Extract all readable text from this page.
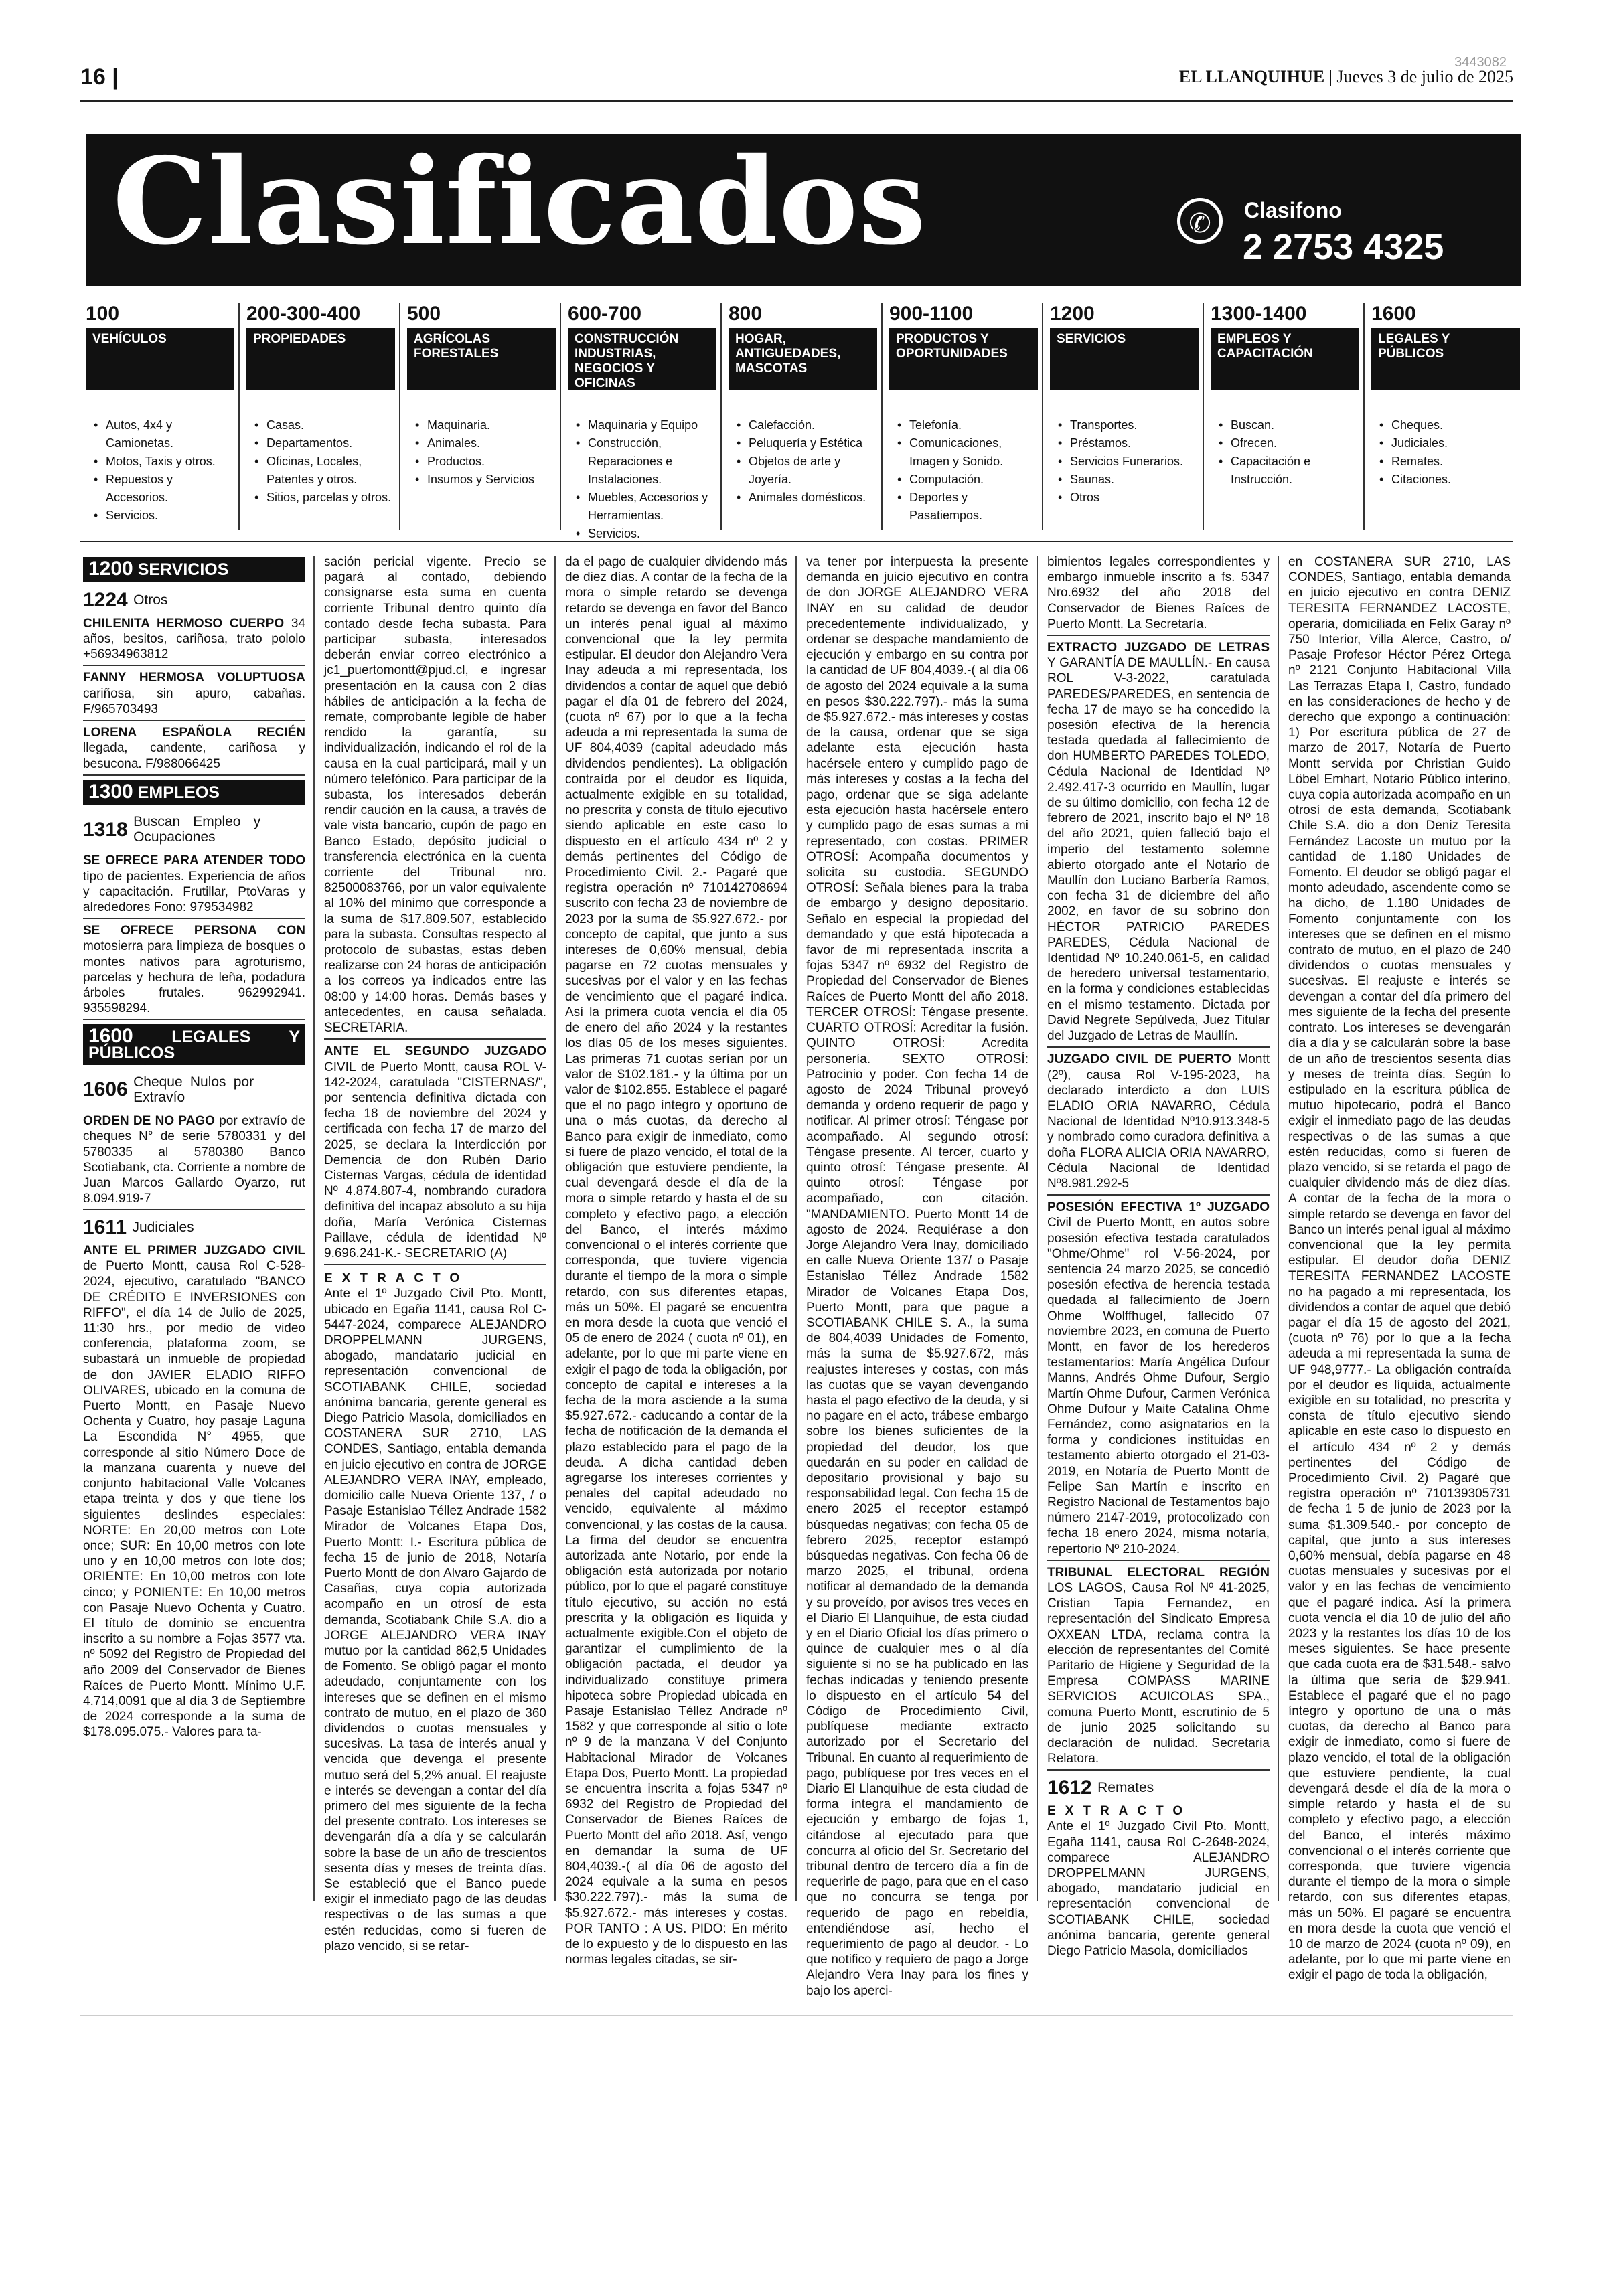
16 |
3443082
EL LLANQUIHUE | Jueves 3 de julio de 2025
Clasificados	✆	Clasifono
2 2753 4325
100
VEHÍCULOS
• Autos, 4x4 y Camionetas.
• Motos, Taxis y otros.
• Repuestos y Accesorios.
• Servicios.
200-300-400
PROPIEDADES
• Casas.
• Departamentos.
• Oficinas, Locales, Patentes y otros.
• Sitios, parcelas y otros.
500
AGRÍCOLAS FORESTALES
• Maquinaria.
• Animales.
• Productos.
• Insumos y Servicios
600-700
CONSTRUCCIÓN INDUSTRIAS, NEGOCIOS Y OFICINAS
• Maquinaria y Equipo
• Construcción, Reparaciones e Instalaciones.
• Muebles, Accesorios y Herramientas.
• Servicios.
800
HOGAR, ANTIGUEDADES, MASCOTAS
• Calefacción.
• Peluquería y Estética
• Objetos de arte y Joyería.
• Animales domésticos.
900-1100
PRODUCTOS Y OPORTUNIDADES
• Telefonía.
• Comunicaciones, Imagen y Sonido.
• Computación.
• Deportes y Pasatiempos.
1200
SERVICIOS
• Transportes.
• Préstamos.
• Servicios Funerarios.
• Saunas.
• Otros
1300-1400
EMPLEOS Y CAPACITACIÓN
• Buscan.
• Ofrecen.
• Capacitación e Instrucción.
1600
LEGALES Y PÚBLICOS
• Cheques.
• Judiciales.
• Remates.
• Citaciones.
1200 SERVICIOS
1224 Otros

CHILENITA HERMOSO CUERPO 34 años, besitos, cariñosa, trato pololo +56934963812

FANNY HERMOSA VOLUPTUOSA cariñosa, sin apuro, cabañas. F/965703493

LORENA ESPAÑOLA RECIÉN llegada, candente, cariñosa y besucona. F/988066425

1300 EMPLEOS
1318 Buscan Empleo y Ocupaciones

SE OFRECE PARA ATENDER TODO tipo de pacientes. Experiencia de años y capacitación. Frutillar, PtoVaras y alrededores Fono: 979534982

SE OFRECE PERSONA CON motosierra para limpieza de bosques o montes nativos para agroturismo, parcelas y hechura de leña, podadura árboles frutales. 962992941. 935598294.

1600 LEGALES Y PÚBLICOS
1606 Cheque Nulos por Extravío

ORDEN DE NO PAGO por extravío de cheques N° de serie 5780331 y del 5780335 al 5780380 Banco Scotiabank, cta. Corriente a nombre de Juan Marcos Gallardo Oyarzo, rut 8.094.919-7

1611 Judiciales

ANTE EL PRIMER JUZGADO CIVIL de Puerto Montt, causa Rol C-528-2024, ejecutivo, caratulado "BANCO DE CRÉDITO E INVERSIONES con RIFFO", el día 14 de Julio de 2025, 11:30 hrs., por medio de video conferencia, plataforma zoom, se subastará un inmueble de propiedad de don JAVIER ELADIO RIFFO OLIVARES, ubicado en la comuna de Puerto Montt, en Pasaje Nuevo Ochenta y Cuatro, hoy pasaje Laguna La Escondida N° 4955, que corresponde al sitio Número Doce de la manzana cuarenta y nueve del conjunto habitacional Valle Volcanes etapa treinta y dos y que tiene los siguientes deslindes especiales: NORTE: En 20,00 metros con Lote once; SUR: En 10,00 metros con lote uno y en 10,00 metros con lote dos; ORIENTE: En 10,00 metros con lote cinco; y PONIENTE: En 10,00 metros con Pasaje Nuevo Ochenta y Cuatro. El título de dominio se encuentra inscrito a su nombre a Fojas 3577 vta. nº 5092 del Registro de Propiedad del año 2009 del Conservador de Bienes Raíces de Puerto Montt. Mínimo U.F. 4.714,0091 que al día 3 de Septiembre de 2024 corresponde a la suma de $178.095.075.- Valores para ta-

sación pericial vigente. Precio se pagará al contado, debiendo consignarse esta suma en cuenta corriente Tribunal dentro quinto día contado desde fecha subasta. Para participar subasta, interesados deberán enviar correo electrónico a jc1_puertomontt@pjud.cl, e ingresar presentación en la causa con 2 días hábiles de anticipación a la fecha de remate, comprobante legible de haber rendido la garantía, su individualización, indicando el rol de la causa en la cual participará, mail y un número telefónico. Para participar de la subasta, los interesados deberán rendir caución en la causa, a través de vale vista bancario, cupón de pago en Banco Estado, depósito judicial o transferencia electrónica en la cuenta corriente del Tribunal nro. 82500083766, por un valor equivalente al 10% del mínimo que corresponde a la suma de $17.809.507, establecido para la subasta. Consultas respecto al protocolo de subastas, estas deben realizarse con 24 horas de anticipación a los correos ya indicados entre las 08:00 y 14:00 horas. Demás bases y antecedentes, en causa señalada. SECRETARIA.

ANTE EL SEGUNDO JUZGADO CIVIL de Puerto Montt, causa ROL V-142-2024, caratulada "CISTERNAS/", por sentencia definitiva dictada con fecha 18 de noviembre del 2024 y certificada con fecha 17 de marzo del 2025, se declara la Interdicción por Demencia de don Rubén Darío Cisternas Vargas, cédula de identidad Nº 4.874.807-4, nombrando curadora definitiva del incapaz absoluto a su hija doña, María Verónica Cisternas Paillave, cédula de identidad Nº 9.696.241-K.- SECRETARIO (A)

EXTRACTO

Ante el 1º Juzgado Civil Pto. Montt, ubicado en Egaña 1141, causa Rol C-5447-2024, comparece ALEJANDRO DROPPELMANN JURGENS, abogado, mandatario judicial en representación convencional de SCOTIABANK CHILE, sociedad anónima bancaria, gerente general es Diego Patricio Masola, domiciliados en COSTANERA SUR 2710, LAS CONDES, Santiago, entabla demanda en juicio ejecutivo en contra de JORGE ALEJANDRO VERA INAY, empleado, domicilio calle Nueva Oriente 137, / o Pasaje Estanislao Téllez Andrade 1582 Mirador de Volcanes Etapa Dos, Puerto Montt: I.- Escritura pública de fecha 15 de junio de 2018, Notaría Puerto Montt de don Alvaro Gajardo de Casañas, cuya copia autorizada acompaño en un otrosí de esta demanda, Scotiabank Chile S.A. dio a JORGE ALEJANDRO VERA INAY mutuo por la cantidad 862,5 Unidades de Fomento. Se obligó pagar el monto adeudado, conjuntamente con los intereses que se definen en el mismo contrato de mutuo, en el plazo de 360 dividendos o cuotas mensuales y sucesivas. La tasa de interés anual y vencida que devenga el presente mutuo será del 5,2% anual. El reajuste e interés se devengan a contar del día primero del mes siguiente de la fecha del presente contrato. Los intereses se devengarán día a día y se calcularán sobre la base de un año de trescientos sesenta días y meses de treinta días. Se estableció que el Banco puede exigir el inmediato pago de las deudas respectivas o de las sumas a que estén reducidas, como si fueren de plazo vencido, si se retar-

da el pago de cualquier dividendo más de diez días. A contar de la fecha de la mora o simple retardo se devenga retardo se devenga en favor del Banco un interés penal igual al máximo convencional que la ley permita estipular. El deudor don Alejandro Vera Inay adeuda a mi representada, los dividendos a contar de aquel que debió pagar el día 01 de febrero del 2024, (cuota nº 67) por lo que a la fecha adeuda a mi representada la suma de UF 804,4039 (capital adeudado más dividendos pendientes). La obligación contraída por el deudor es líquida, actualmente exigible en su totalidad, no prescrita y consta de título ejecutivo siendo aplicable en este caso lo dispuesto en el artículo 434 nº 2 y demás pertinentes del Código de Procedimiento Civil. 2.- Pagaré que registra operación nº 710142708694 suscrito con fecha 23 de noviembre de 2023 por la suma de $5.927.672.- por concepto de capital, que junto a sus intereses de 0,60% mensual, debía pagarse en 72 cuotas mensuales y sucesivas por el valor y en las fechas de vencimiento que el pagaré indica. Así la primera cuota vencía el día 05 de enero del año 2024 y la restantes los días 05 de los meses siguientes. Las primeras 71 cuotas serían por un valor de $102.181.- y la última por un valor de $102.855. Establece el pagaré que el no pago íntegro y oportuno de una o más cuotas, da derecho al Banco para exigir de inmediato, como si fuere de plazo vencido, el total de la obligación que estuviere pendiente, la cual devengará desde el día de la mora o simple retardo y hasta el de su completo y efectivo pago, a elección del Banco, el interés máximo convencional o el interés corriente que corresponda, que tuviere vigencia durante el tiempo de la mora o simple retardo, con sus diferentes etapas, más un 50%. El pagaré se encuentra en mora desde la cuota que venció el 05 de enero de 2024 ( cuota nº 01), en adelante, por lo que mi parte viene en exigir el pago de toda la obligación, por concepto de capital e intereses a la fecha de la mora asciende a la suma $5.927.672.- caducando a contar de la fecha de notificación de la demanda el plazo establecido para el pago de la deuda. A dicha cantidad deben agregarse los intereses corrientes y penales del capital adeudado no vencido, equivalente al máximo convencional, y las costas de la causa. La firma del deudor se encuentra autorizada ante Notario, por ende la obligación está autorizada por notario público, por lo que el pagaré constituye título ejecutivo, su acción no está prescrita y la obligación es líquida y actualmente exigible.Con el objeto de garantizar el cumplimiento de la obligación pactada, el deudor ya individualizado constituye primera hipoteca sobre Propiedad ubicada en Pasaje Estanislao Téllez Andrade nº 1582 y que corresponde al sitio o lote nº 9 de la manzana V del Conjunto Habitacional Mirador de Volcanes Etapa Dos, Puerto Montt. La propiedad se encuentra inscrita a fojas 5347 nº 6932 del Registro de Propiedad del Conservador de Bienes Raíces de Puerto Montt del año 2018. Así, vengo en demandar la suma de UF 804,4039.-( al día 06 de agosto del 2024 equivale a la suma en pesos $30.222.797).- más la suma de $5.927.672.- más intereses y costas. POR TANTO : A US. PIDO: En mérito de lo expuesto y de lo dispuesto en las normas legales citadas, se sir-

va tener por interpuesta la presente demanda en juicio ejecutivo en contra de don JORGE ALEJANDRO VERA INAY en su calidad de deudor precedentemente individualizado, y ordenar se despache mandamiento de ejecución y embargo en su contra por la cantidad de UF 804,4039.-( al día 06 de agosto del 2024 equivale a la suma en pesos $30.222.797).- más la suma de $5.927.672.- más intereses y costas de la causa, ordenar que se siga adelante esta ejecución hasta hacérsele entero y cumplido pago de más intereses y costas a la fecha del pago, ordenar que se siga adelante esta ejecución hasta hacérsele entero y cumplido pago de esas sumas a mi representado, con costas. PRIMER OTROSÍ: Acompaña documentos y solicita su custodia. SEGUNDO OTROSÍ: Señala bienes para la traba de embargo y designo depositario. Señalo en especial la propiedad del demandado y que está hipotecada a favor de mi representada inscrita a fojas 5347 nº 6932 del Registro de Propiedad del Conservador de Bienes Raíces de Puerto Montt del año 2018. TERCER OTROSÍ: Téngase presente. CUARTO OTROSÍ: Acreditar la fusión. QUINTO OTROSÍ: Acredita personería. SEXTO OTROSÍ: Patrocinio y poder. Con fecha 14 de agosto de 2024 Tribunal proveyó demanda y ordeno requerir de pago y notificar. Al primer otrosí: Téngase por acompañado. Al segundo otrosí: Téngase presente. Al tercer, cuarto y quinto otrosí: Téngase presente. Al quinto otrosí: Téngase por acompañado, con citación. "MANDAMIENTO. Puerto Montt 14 de agosto de 2024. Requiérase a don Jorge Alejandro Vera Inay, domiciliado en calle Nueva Oriente 137/ o Pasaje Estanislao Téllez Andrade 1582 Mirador de Volcanes Etapa Dos, Puerto Montt, para que pague a SCOTIABANK CHILE S. A., la suma de 804,4039 Unidades de Fomento, más la suma de $5.927.672, más reajustes intereses y costas, con más las cuotas que se vayan devengando hasta el pago efectivo de la deuda, y si no pagare en el acto, trábese embargo sobre los bienes suficientes de la propiedad del deudor, los que quedarán en su poder en calidad de depositario provisional y bajo su responsabilidad legal. Con fecha 15 de enero 2025 el receptor estampó búsquedas negativas; con fecha 05 de febrero 2025, receptor estampó búsquedas negativas. Con fecha 06 de marzo 2025, el tribunal, ordena notificar al demandado de la demanda y su proveído, por avisos tres veces en el Diario El Llanquihue, de esta ciudad y en el Diario Oficial los días primero o quince de cualquier mes o al día siguiente si no se ha publicado en las fechas indicadas y teniendo presente lo dispuesto en el artículo 54 del Código de Procedimiento Civil, publíquese mediante extracto autorizado por el Secretario del Tribunal. En cuanto al requerimiento de pago, publíquese por tres veces en el Diario El Llanquihue de esta ciudad de forma íntegra el mandamiento de ejecución y embargo de fojas 1, citándose al ejecutado para que concurra al oficio del Sr. Secretario del tribunal dentro de tercero día a fin de requerirle de pago, para que en el caso que no concurra se tenga por requerido de pago en rebeldía, entendiéndose así, hecho el requerimiento de pago al deudor. - Lo que notifico y requiero de pago a Jorge Alejandro Vera Inay para los fines y bajo los aperci-

bimientos legales correspondientes y embargo inmueble inscrito a fs. 5347 Nro.6932 del año 2018 del Conservador de Bienes Raíces de Puerto Montt. La Secretaría.

EXTRACTO JUZGADO DE LETRAS Y GARANTÍA DE MAULLÍN.- En causa ROL V-3-2022, caratulada PAREDES/PAREDES, en sentencia de fecha 17 de mayo se ha concedido la posesión efectiva de la herencia testada quedada al fallecimiento de don HUMBERTO PAREDES TOLEDO, Cédula Nacional de Identidad Nº 2.492.417-3 ocurrido en Maullín, lugar de su último domicilio, con fecha 12 de febrero de 2021, inscrito bajo el Nº 18 del año 2021, quien falleció bajo el imperio del testamento solemne abierto otorgado ante el Notario de Maullín don Luciano Barbería Ramos, con fecha 31 de diciembre del año 2002, en favor de su sobrino don HÉCTOR PATRICIO PAREDES PAREDES, Cédula Nacional de Identidad Nº 10.240.061-5, en calidad de heredero universal testamentario, en la forma y condiciones establecidas en el mismo testamento. Dictada por David Negrete Sepúlveda, Juez Titular del Juzgado de Letras de Maullín.

JUZGADO CIVIL DE PUERTO Montt (2º), causa Rol V-195-2023, ha declarado interdicto a don LUIS ELADIO ORIA NAVARRO, Cédula Nacional de Identidad Nº10.913.348-5 y nombrado como curadora definitiva a doña FLORA ALICIA ORIA NAVARRO, Cédula Nacional de Identidad Nº8.981.292-5

POSESIÓN EFECTIVA 1º JUZGADO Civil de Puerto Montt, en autos sobre posesión efectiva testada caratulados "Ohme/Ohme" rol V-56-2024, por sentencia 24 marzo 2025, se concedió posesión efectiva de herencia testada quedada al fallecimiento de Joern Ohme Wolffhugel, fallecido 07 noviembre 2023, en comuna de Puerto Montt, en favor de los herederos testamentarios: María Angélica Dufour Manns, Andrés Ohme Dufour, Sergio Martín Ohme Dufour, Carmen Verónica Ohme Dufour y Maite Catalina Ohme Fernández, como asignatarios en la forma y condiciones instituidas en testamento abierto otorgado el 21-03-2019, en Notaría de Puerto Montt de Felipe San Martín e inscrito en Registro Nacional de Testamentos bajo número 2147-2019, protocolizado con fecha 18 enero 2024, misma notaría, repertorio Nº 210-2024.

TRIBUNAL ELECTORAL REGIÓN LOS LAGOS, Causa Rol Nº 41-2025, Cristian Tapia Fernandez, en representación del Sindicato Empresa OXXEAN LTDA, reclama contra la elección de representantes del Comité Paritario de Higiene y Seguridad de la Empresa COMPASS MARINE SERVICIOS ACUICOLAS SPA., comuna Puerto Montt, escrutinio de 5 de junio 2025 solicitando su declaración de nulidad. Secretaria Relatora.

1612 Remates
EXTRACTO

Ante el 1º Juzgado Civil Pto. Montt, Egaña 1141, causa Rol C-2648-2024, comparece ALEJANDRO DROPPELMANN JURGENS, abogado, mandatario judicial en representación convencional de SCOTIABANK CHILE, sociedad anónima bancaria, gerente general Diego Patricio Masola, domiciliados

en COSTANERA SUR 2710, LAS CONDES, Santiago, entabla demanda en juicio ejecutivo en contra DENIZ TERESITA FERNANDEZ LACOSTE, operaria, domiciliada en Felix Garay nº 750 Interior, Villa Alerce, Castro, o/ Pasaje Profesor Héctor Pérez Ortega nº 2121 Conjunto Habitacional Villa Las Terrazas Etapa I, Castro, fundado en las consideraciones de hecho y de derecho que expongo a continuación: 1) Por escritura pública de 27 de marzo de 2017, Notaría de Puerto Montt servida por Christian Guido Löbel Emhart, Notario Público interino, cuya copia autorizada acompaño en un otrosí de esta demanda, Scotiabank Chile S.A. dio a don Deniz Teresita Fernández Lacoste un mutuo por la cantidad de 1.180 Unidades de Fomento. El deudor se obligó pagar el monto adeudado, ascendente como se ha dicho, de 1.180 Unidades de Fomento conjuntamente con los intereses que se definen en el mismo contrato de mutuo, en el plazo de 240 dividendos o cuotas mensuales y sucesivas. El reajuste e interés se devengan a contar del día primero del mes siguiente de la fecha del presente contrato. Los intereses se devengarán día a día y se calcularán sobre la base de un año de trescientos sesenta días y meses de treinta días. Según lo estipulado en la escritura pública de mutuo hipotecario, podrá el Banco exigir el inmediato pago de las deudas respectivas o de las sumas a que estén reducidas, como si fueren de plazo vencido, si se retarda el pago de cualquier dividendo más de diez días. A contar de la fecha de la mora o simple retardo se devenga en favor del Banco un interés penal igual al máximo convencional que la ley permita estipular. El deudor doña DENIZ TERESITA FERNANDEZ LACOSTE no ha pagado a mi representada, los dividendos a contar de aquel que debió pagar el día 15 de agosto del 2021, (cuota nº 76) por lo que a la fecha adeuda a mi representada la suma de UF 948,9777.- La obligación contraída por el deudor es líquida, actualmente exigible en su totalidad, no prescrita y consta de título ejecutivo siendo aplicable en este caso lo dispuesto en el artículo 434 nº 2 y demás pertinentes del Código de Procedimiento Civil. 2) Pagaré que registra operación nº 710139305731 de fecha 1 5 de junio de 2023 por la suma $1.309.540.- por concepto de capital, que junto a sus intereses 0,60% mensual, debía pagarse en 48 cuotas mensuales y sucesivas por el valor y en las fechas de vencimiento que el pagaré indica. Así la primera cuota vencía el día 10 de julio del año 2023 y la restantes los días 10 de los meses siguientes. Se hace presente que cada cuota era de $31.548.- salvo la última que sería de $29.941. Establece el pagaré que el no pago íntegro y oportuno de una o más cuotas, da derecho al Banco para exigir de inmediato, como si fuere de plazo vencido, el total de la obligación que estuviere pendiente, la cual devengará desde el día de la mora o simple retardo y hasta el de su completo y efectivo pago, a elección del Banco, el interés máximo convencional o el interés corriente que corresponda, que tuviere vigencia durante el tiempo de la mora o simple retardo, con sus diferentes etapas, más un 50%. El pagaré se encuentra en mora desde la cuota que venció el 10 de marzo de 2024 (cuota nº 09), en adelante, por lo que mi parte viene en exigir el pago de toda la obligación,
